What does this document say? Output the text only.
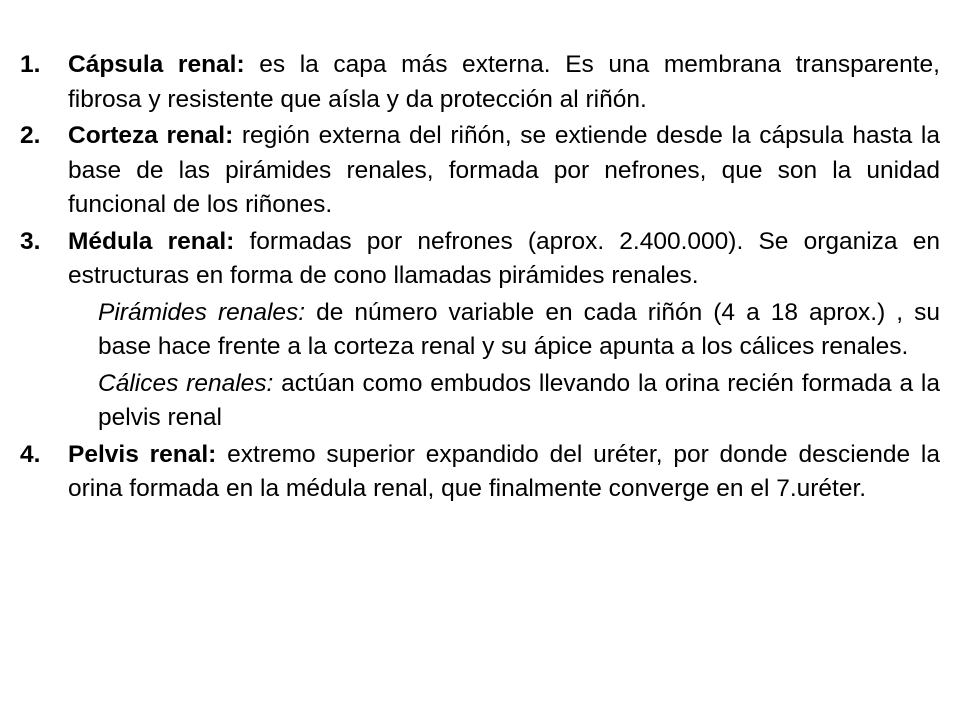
1. Cápsula renal: es la capa más externa. Es una membrana transparente, fibrosa y resistente que aísla y da protección al riñón.
2. Corteza renal: región externa del riñón, se extiende desde la cápsula hasta la base de las pirámides renales, formada por nefrones, que son la unidad funcional de los riñones.
3. Médula renal: formadas por nefrones (aprox. 2.400.000). Se organiza en estructuras en forma de cono llamadas pirámides renales.
Pirámides renales: de número variable en cada riñón (4 a 18 aprox.) , su base hace frente a la corteza renal y su ápice apunta a los cálices renales.
Cálices renales: actúan como embudos llevando la orina recién formada a la pelvis renal
4. Pelvis renal: extremo superior expandido del uréter, por donde desciende la orina formada en la médula renal, que finalmente converge en el 7.uréter.
